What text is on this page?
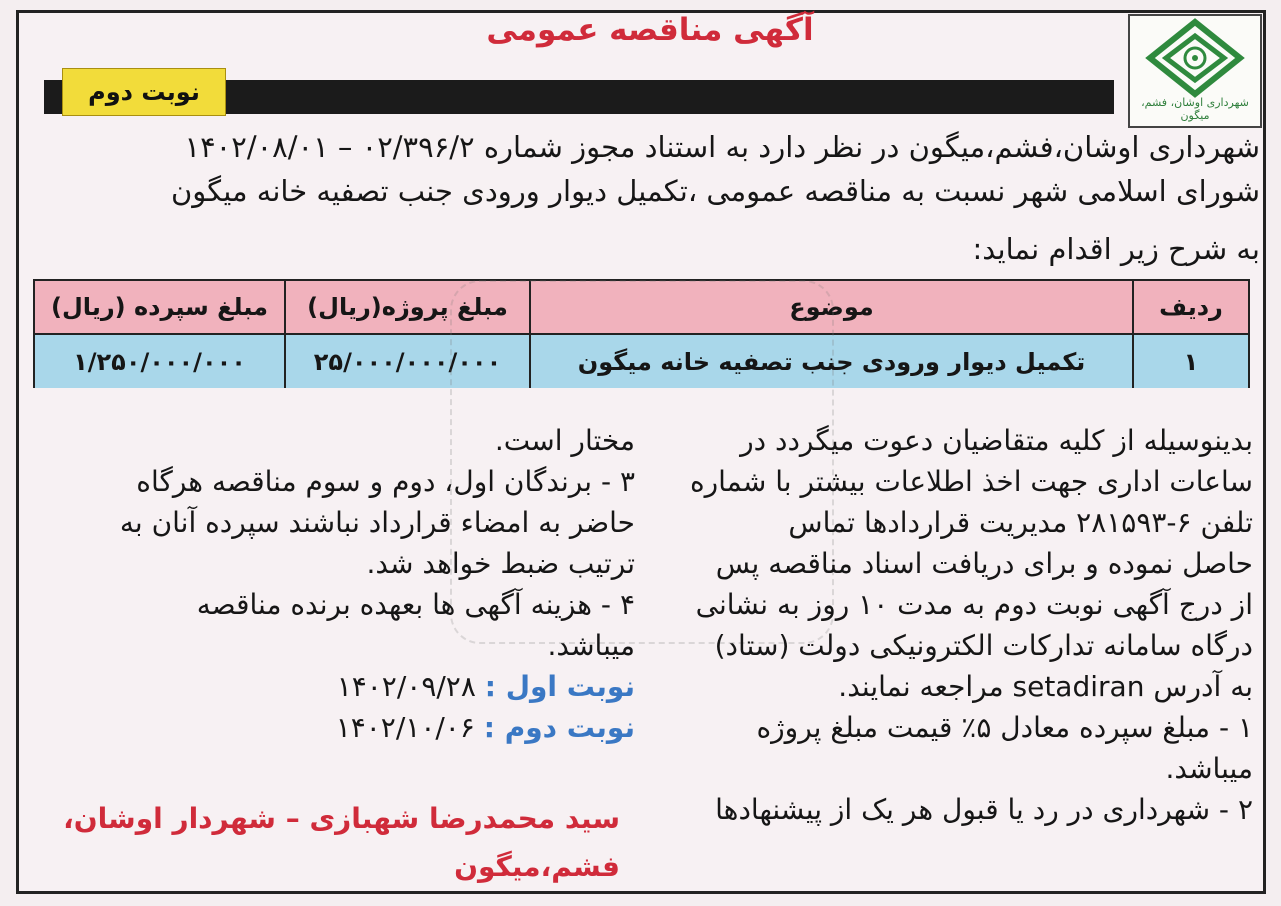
شهرداری اوشان، فشم، میگون
آگهی مناقصه عمومی
نوبت دوم
شهرداری اوشان،فشم،میگون در نظر دارد به استناد مجوز شماره ۰۲/۳۹۶/۲ – ۱۴۰۲/۰۸/۰۱
شورای اسلامی شهر نسبت به مناقصه عمومی ،تکمیل دیوار ورودی جنب تصفیه خانه میگون
به شرح زیر اقدام نماید:
ردیف
موضوع
مبلغ پروژه(ریال)
مبلغ سپرده (ریال)
۱
تکمیل دیوار ورودی جنب تصفیه خانه میگون
۲۵/۰۰۰/۰۰۰/۰۰۰
۱/۲۵۰/۰۰۰/۰۰۰
بدینوسیله از کلیه متقاضیان دعوت میگردد در
ساعات اداری جهت اخذ اطلاعات بیشتر با شماره
تلفن ۶-۲۸۱۵۹۳ مدیریت قراردادها تماس
حاصل نموده و برای دریافت اسناد مناقصه پس
از درج آگهی نوبت دوم به مدت ۱۰ روز به نشانی
درگاه سامانه تدارکات الکترونیکی دولت (ستاد)
به آدرس setadiran مراجعه نمایند.
۱ - مبلغ سپرده معادل ۵٪ قیمت مبلغ پروژه
میباشد.
۲ - شهرداری در رد یا قبول هر یک از پیشنهادها
مختار است.
۳ - برندگان اول، دوم و سوم مناقصه هرگاه
حاضر به امضاء قرارداد نباشند سپرده آنان به
ترتیب ضبط خواهد شد.
۴ - هزینه آگهی ها بعهده برنده مناقصه
میباشد.
نوبت اول : ۱۴۰۲/۰۹/۲۸
نوبت دوم : ۱۴۰۲/۱۰/۰۶
سید محمدرضا شهبازی – شهردار اوشان،
فشم،میگون
